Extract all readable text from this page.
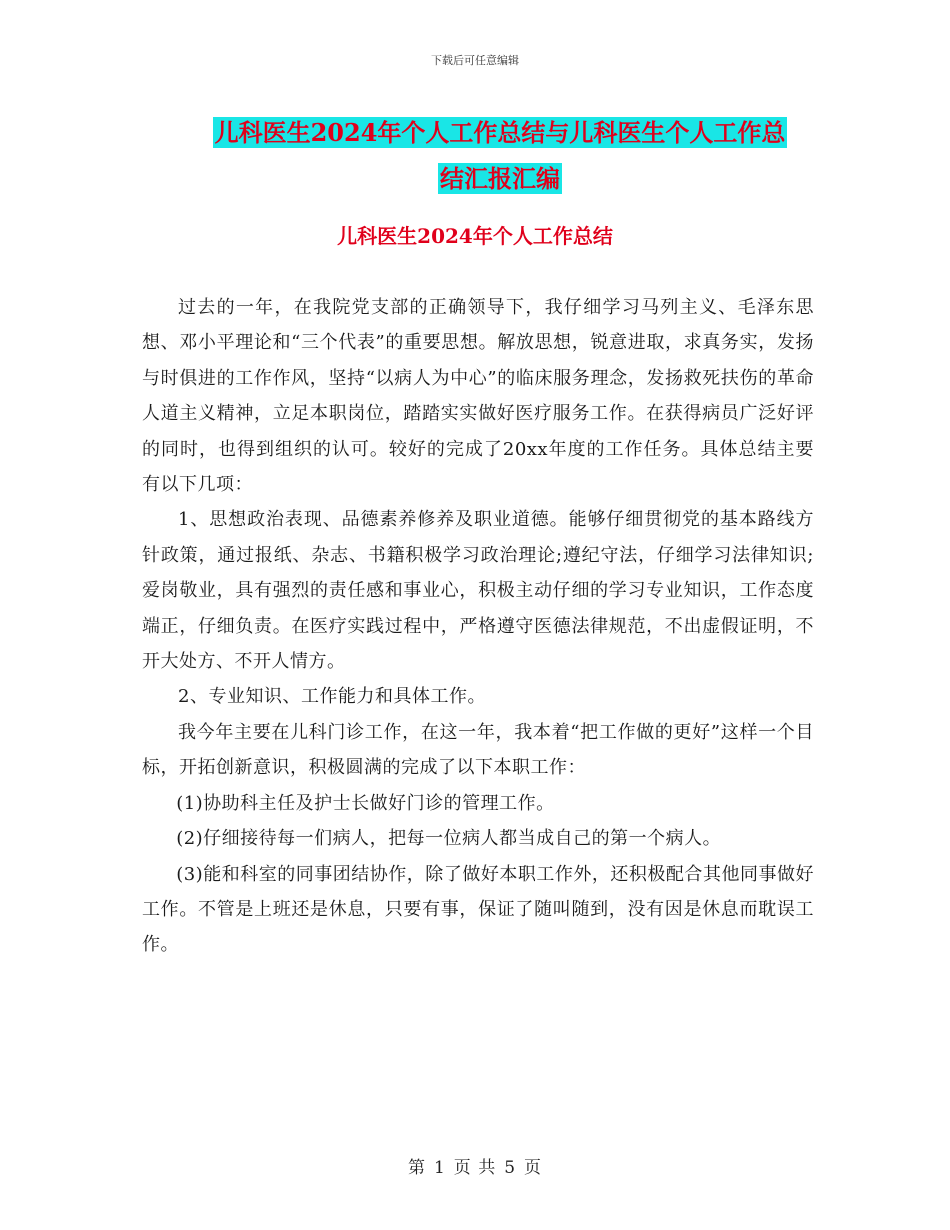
下载后可任意编辑
儿科医生2024年个人工作总结与儿科医生个人工作总
结汇报汇编
儿科医生2024年个人工作总结

过去的一年，在我院党支部的正确领导下，我仔细学习马列主义、毛泽东思想、邓小平理论和“三个代表”的重要思想。解放思想，锐意进取，求真务实，发扬与时俱进的工作作风，坚持“以病人为中心”的临床服务理念，发扬救死扶伤的革命人道主义精神，立足本职岗位，踏踏实实做好医疗服务工作。在获得病员广泛好评的同时，也得到组织的认可。较好的完成了20xx年度的工作任务。具体总结主要有以下几项：

1、思想政治表现、品德素养修养及职业道德。能够仔细贯彻党的基本路线方针政策，通过报纸、杂志、书籍积极学习政治理论;遵纪守法，仔细学习法律知识;爱岗敬业，具有强烈的责任感和事业心，积极主动仔细的学习专业知识，工作态度端正，仔细负责。在医疗实践过程中，严格遵守医德法律规范，不出虚假证明，不开大处方、不开人情方。

2、专业知识、工作能力和具体工作。

我今年主要在儿科门诊工作，在这一年，我本着“把工作做的更好”这样一个目标，开拓创新意识，积极圆满的完成了以下本职工作：

(1)协助科主任及护士长做好门诊的管理工作。

(2)仔细接待每一们病人，把每一位病人都当成自己的第一个病人。

(3)能和科室的同事团结协作，除了做好本职工作外，还积极配合其他同事做好工作。不管是上班还是休息，只要有事，保证了随叫随到，没有因是休息而耽误工作。

第 1 页 共 5 页
